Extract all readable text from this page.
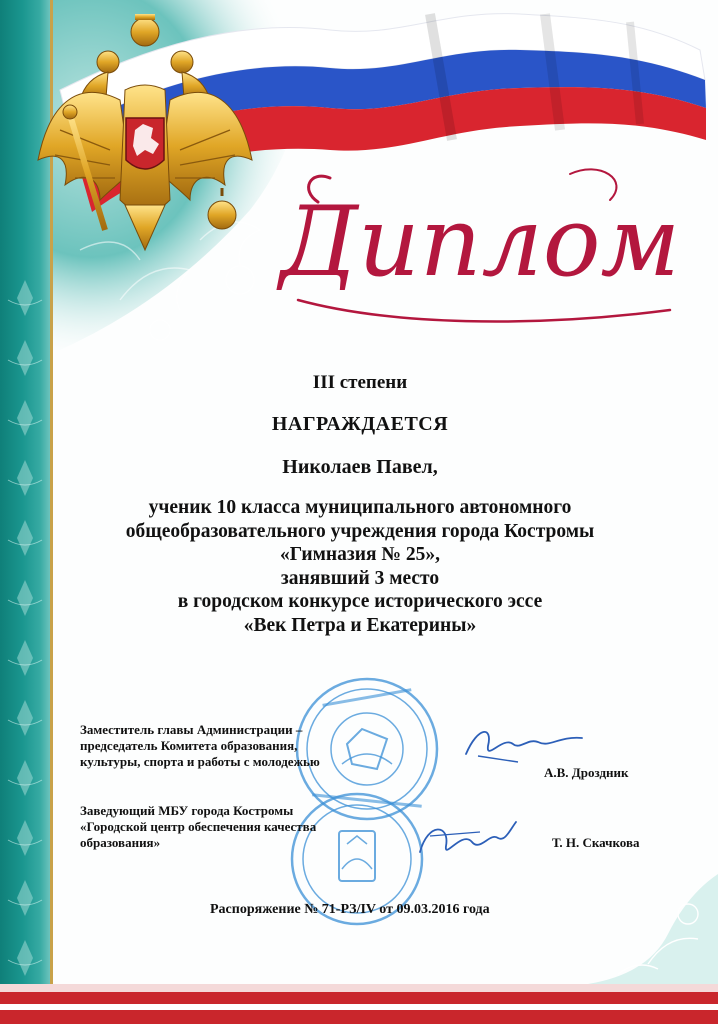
Диплом
III степени
НАГРАЖДАЕТСЯ
Николаев Павел,
ученик 10 класса муниципального автономного
общеобразовательного учреждения города Костромы
«Гимназия № 25»,
занявший 3 место
в городском конкурсе исторического эссе
«Век Петра и Екатерины»
Заместитель главы Администрации –
председатель Комитета образования,
культуры, спорта и работы с молодежью
А.В. Дроздник
Заведующий МБУ города Костромы
«Городской центр обеспечения качества
образования»	Т. Н. Скачкова
Распоряжение № 71-РЗ/IV от 09.03.2016 года
